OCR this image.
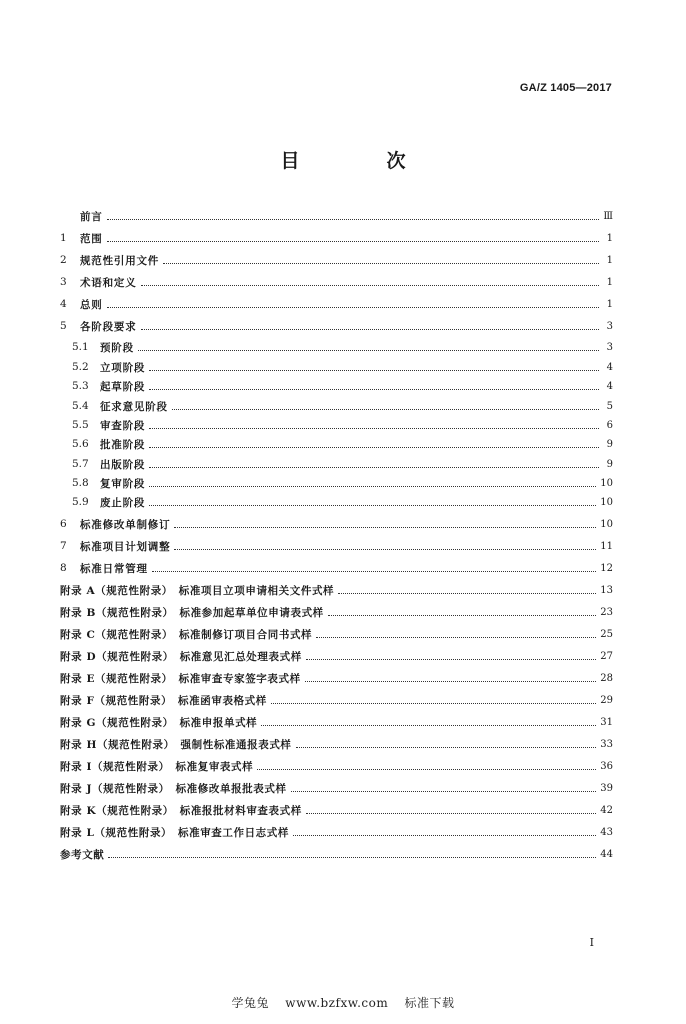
GA/Z 1405—2017
目　次
前言	Ⅲ
1	范围	1
2	规范性引用文件	1
3	术语和定义	1
4	总则	1
5	各阶段要求	3
5.1	预阶段	3
5.2	立项阶段	4
5.3	起草阶段	4
5.4	征求意见阶段	5
5.5	审查阶段	6
5.6	批准阶段	9
5.7	出版阶段	9
5.8	复审阶段	10
5.9	废止阶段	10
6	标准修改单制修订	10
7	标准项目计划调整	11
8	标准日常管理	12
附录 A（规范性附录）　标准项目立项申请相关文件式样	13
附录 B（规范性附录）　标准参加起草单位申请表式样	23
附录 C（规范性附录）　标准制修订项目合同书式样	25
附录 D（规范性附录）　标准意见汇总处理表式样	27
附录 E（规范性附录）　标准审查专家签字表式样	28
附录 F（规范性附录）　标准函审表格式样	29
附录 G（规范性附录）　标准申报单式样	31
附录 H（规范性附录）　强制性标准通报表式样	33
附录 I（规范性附录）　标准复审表式样	36
附录 J（规范性附录）　标准修改单报批表式样	39
附录 K（规范性附录）　标准报批材料审查表式样	42
附录 L（规范性附录）　标准审查工作日志式样	43
参考文献	44
I
学兔兔 www.bzfxw.com 标准下载
